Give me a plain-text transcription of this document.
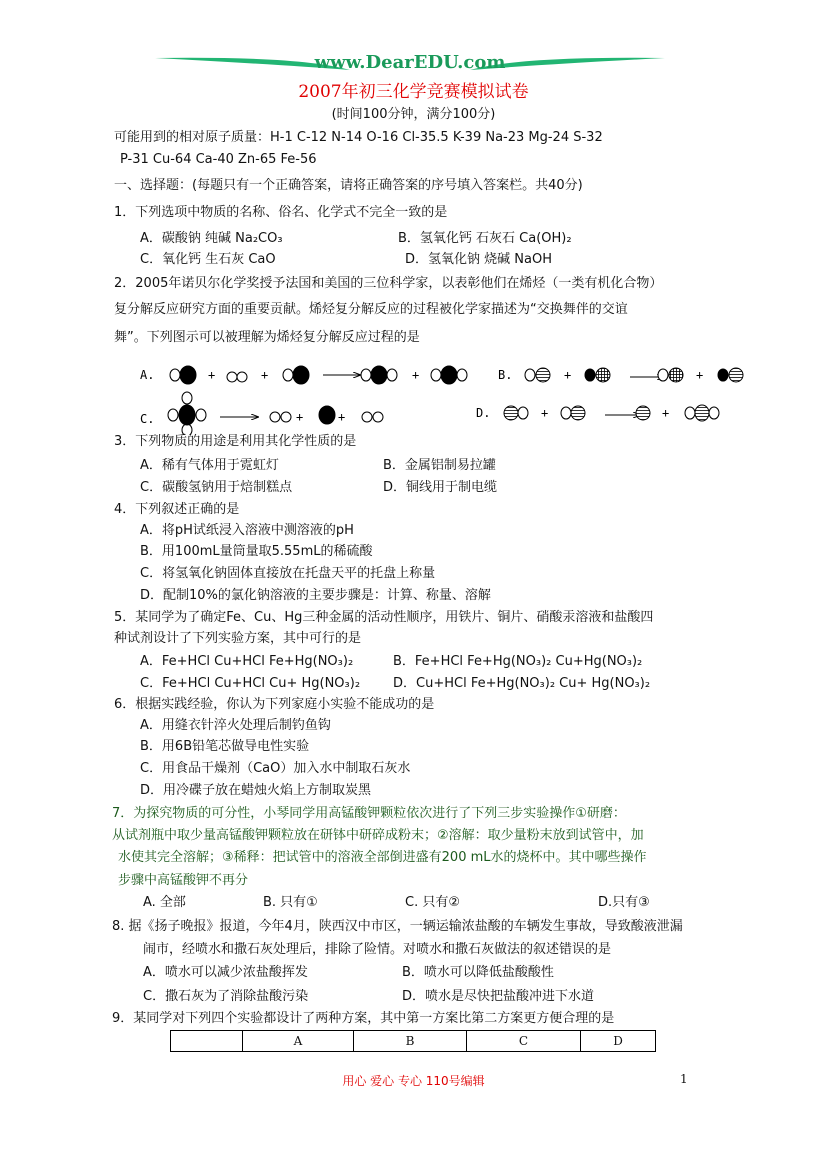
www.DearEDU.com
2007年初三化学竞赛模拟试卷
(时间100分钟，满分100分)
可能用到的相对原子质量：H-1 C-12 N-14 O-16 Cl-35.5 K-39 Na-23 Mg-24 S-32
P-31 Cu-64 Ca-40 Zn-65 Fe-56
一、选择题：(每题只有一个正确答案，请将正确答案的序号填入答案栏。共40分)
1．下列选项中物质的名称、俗名、化学式不完全一致的是
A．碳酸钠 纯碱 Na₂CO₃	B．氢氧化钙 石灰石 Ca(OH)₂
C．氧化钙 生石灰 CaO	D．氢氧化钠 烧碱 NaOH
2．2005年诺贝尔化学奖授予法国和美国的三位科学家，以表彰他们在烯烃（一类有机化合物）
复分解反应研究方面的重要贡献。烯烃复分解反应的过程被化学家描述为“交换舞伴的交谊
舞”。下列图示可以被理解为烯烃复分解反应过程的是
A.	+	+	+	B.	+	+
C.	+	+	D.	+	+
3．下列物质的用途是利用其化学性质的是
A．稀有气体用于霓虹灯	B．金属铝制易拉罐
C．碳酸氢钠用于焙制糕点	D．铜线用于制电缆
4．下列叙述正确的是
A．将pH试纸浸入溶液中测溶液的pH
B．用100mL量筒量取5.55mL的稀硫酸
C．将氢氧化钠固体直接放在托盘天平的托盘上称量
D．配制10%的氯化钠溶液的主要步骤是：计算、称量、溶解
5．某同学为了确定Fe、Cu、Hg三种金属的活动性顺序，用铁片、铜片、硝酸汞溶液和盐酸四
种试剂设计了下列实验方案，其中可行的是
A．Fe+HCl Cu+HCl Fe+Hg(NO₃)₂	B．Fe+HCl Fe+Hg(NO₃)₂ Cu+Hg(NO₃)₂
C．Fe+HCl Cu+HCl Cu+ Hg(NO₃)₂	D．Cu+HCl Fe+Hg(NO₃)₂ Cu+ Hg(NO₃)₂
6．根据实践经验，你认为下列家庭小实验不能成功的是
A．用缝衣针淬火处理后制钓鱼钩
B．用6B铅笔芯做导电性实验
C．用食品干燥剂（CaO）加入水中制取石灰水
D．用冷碟子放在蜡烛火焰上方制取炭黑
7．为探究物质的可分性，小琴同学用高锰酸钾颗粒依次进行了下列三步实验操作①研磨：
从试剂瓶中取少量高锰酸钾颗粒放在研钵中研碎成粉末；②溶解：取少量粉末放到试管中，加
水使其完全溶解；③稀释：把试管中的溶液全部倒进盛有200 mL水的烧杯中。其中哪些操作
步骤中高锰酸钾不再分
A. 全部	B. 只有①	C. 只有②	D.只有③
8. 据《扬子晚报》报道，今年4月，陕西汉中市区，一辆运输浓盐酸的车辆发生事故，导致酸液泄漏
闹市，经喷水和撒石灰处理后，排除了险情。对喷水和撒石灰做法的叙述错误的是
A．喷水可以减少浓盐酸挥发	B．喷水可以降低盐酸酸性
C．撒石灰为了消除盐酸污染	D．喷水是尽快把盐酸冲进下水道
9．某同学对下列四个实验都设计了两种方案，其中第一方案比第二方案更方便合理的是
	A	B	C	D
用心 爱心 专心 110号编辑	1
